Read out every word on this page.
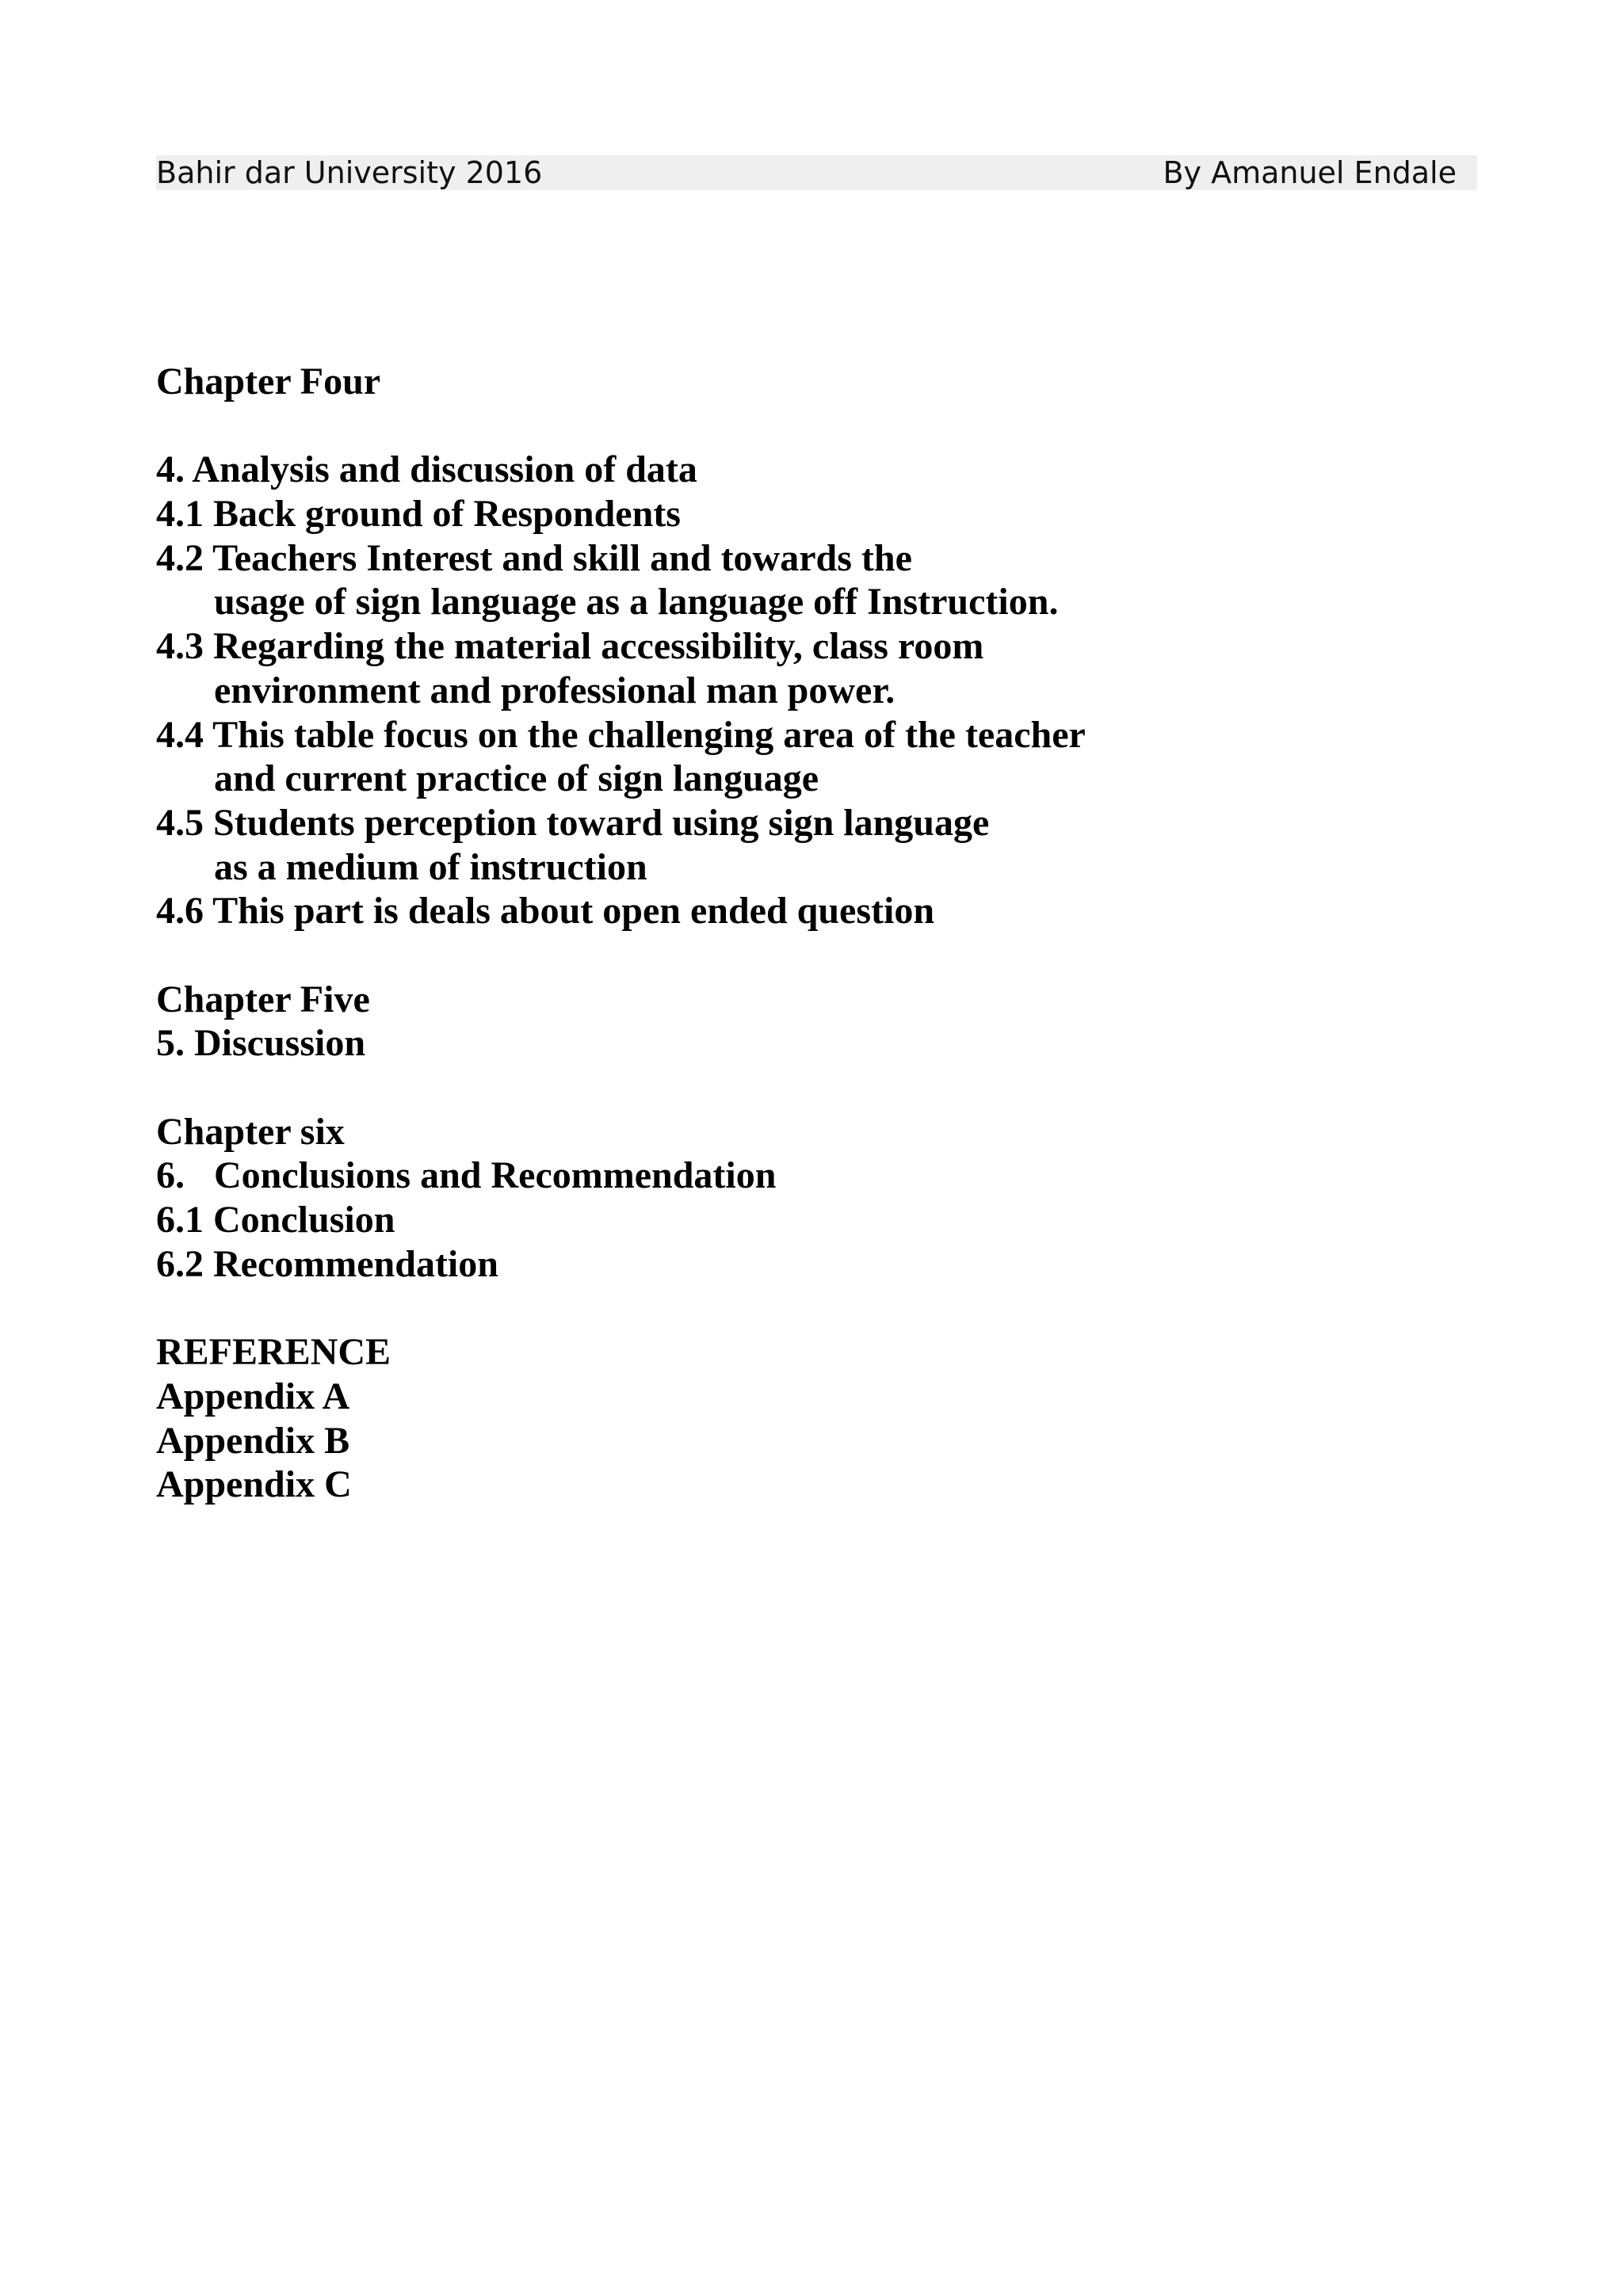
Bahir dar University 2016	By Amanuel Endale
Chapter Four
4. Analysis and discussion of data
4.1 Back ground of Respondents
4.2 Teachers Interest and skill and towards the
usage of sign language as a language off Instruction.
4.3 Regarding the material accessibility, class room
environment and professional man power.
4.4 This table focus on the challenging area of the teacher
and current practice of sign language
4.5 Students perception toward using sign language
as a medium of instruction
4.6 This part is deals about open ended question
Chapter Five
5. Discussion
Chapter six
6. Conclusions and Recommendation
6.1 Conclusion
6.2 Recommendation
REFERENCE
Appendix A
Appendix B
Appendix C
